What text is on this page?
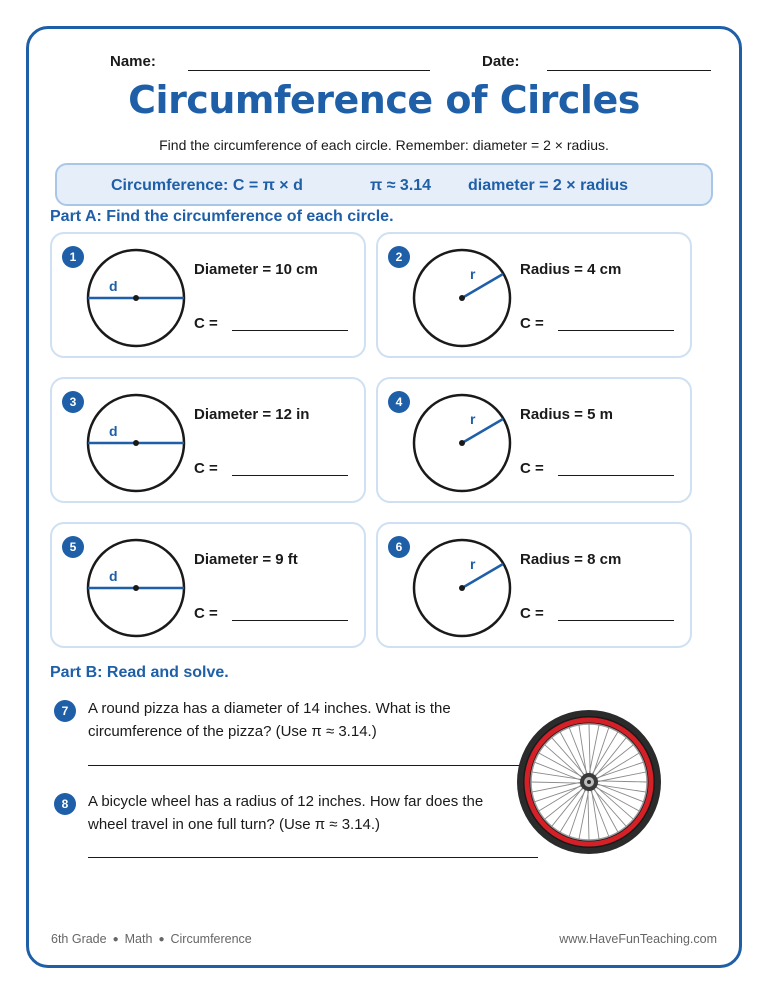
Name:	Date:
Circumference of Circles
Find the circumference of each circle. Remember: diameter = 2 × radius.
Circumference: C = π × d	π ≈ 3.14 diameter = 2 × radius
Part A: Find the circumference of each circle.
1
d
Diameter = 10 cm
C =
2
r	Radius = 4 cm
C =
3
d
Diameter = 12 in
C =
4
r	Radius = 5 m
C =
5
d
Diameter = 9 ft
C =
6
r	Radius = 8 cm
C =
Part B: Read and solve.
7	A round pizza has a diameter of 14 inches. What is the circumference of the pizza? (Use π ≈ 3.14.)
8	A bicycle wheel has a radius of 12 inches. How far does the wheel travel in one full turn? (Use π ≈ 3.14.)
6th Grade ● Math ● Circumference	www.HaveFunTeaching.com
